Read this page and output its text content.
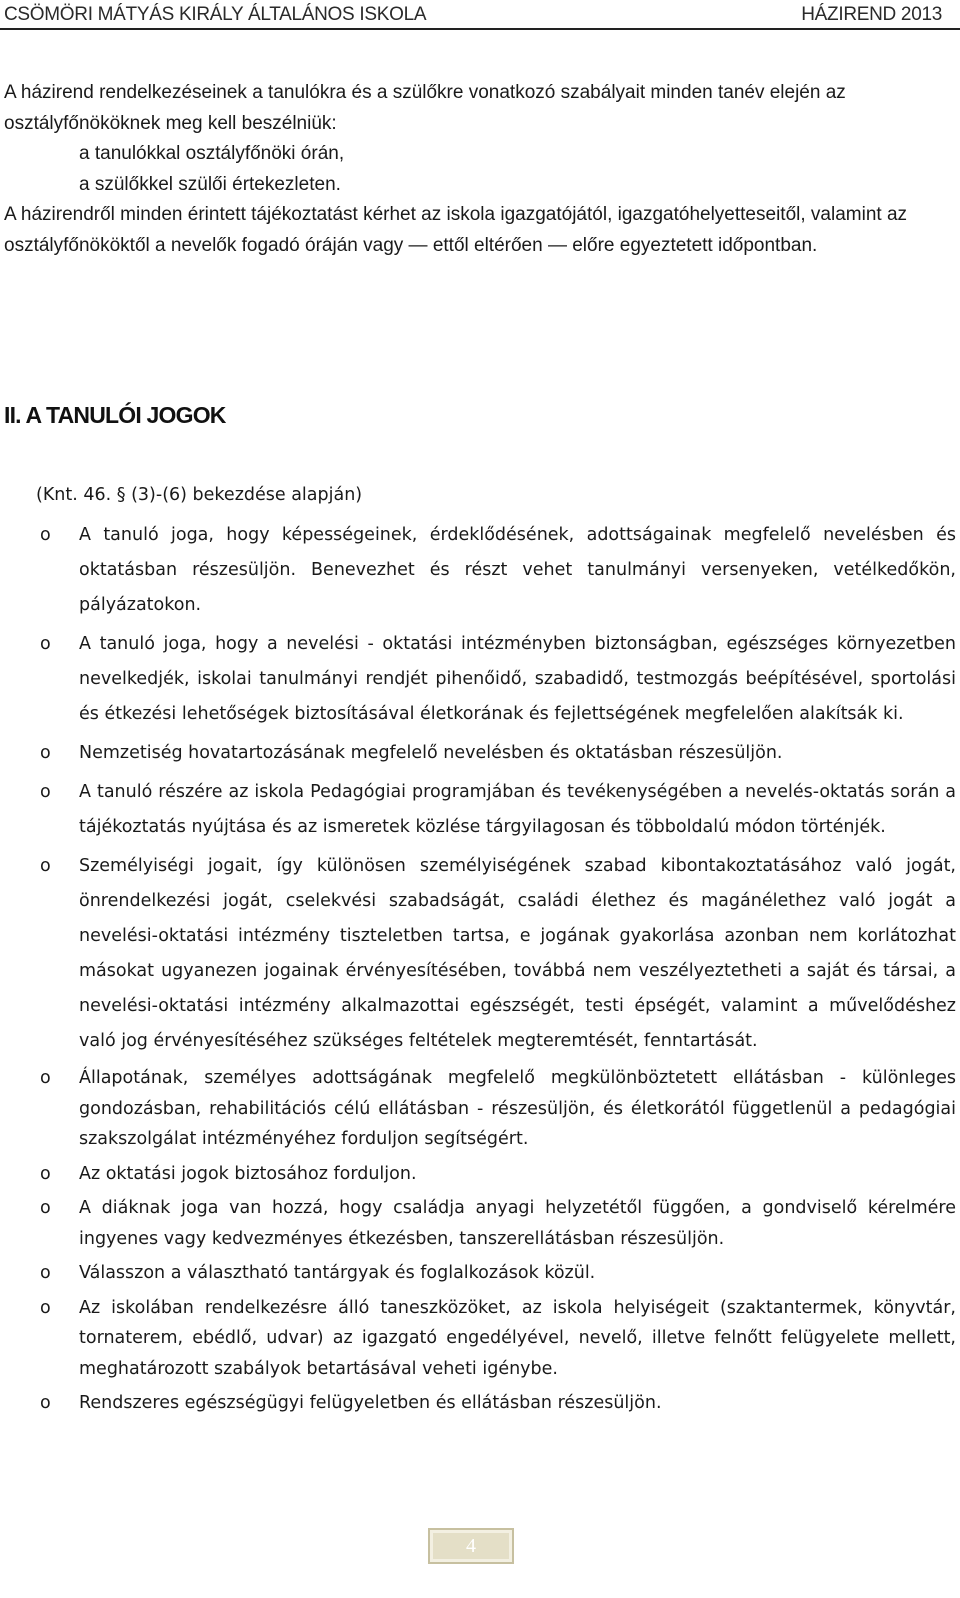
CSÖMÖRI MÁTYÁS KIRÁLY ÁLTALÁNOS ISKOLA	HÁZIREND 2013

A házirend rendelkezéseinek a tanulókra és a szülőkre vonatkozó szabályait minden tanév elején az osztályfőnököknek meg kell beszélniük:

a tanulókkal osztályfőnöki órán,

a szülőkkel szülői értekezleten.

A házirendről minden érintett tájékoztatást kérhet az iskola igazgatójától, igazgatóhelyetteseitől, valamint az osztályfőnököktől a nevelők fogadó óráján vagy — ettől eltérően — előre egyeztetett időpontban.

II. A TANULÓI JOGOK

(Knt. 46. § (3)-(6) bekezdése alapján)

o A tanuló joga, hogy képességeinek, érdeklődésének, adottságainak megfelelő nevelésben és oktatásban részesüljön. Benevezhet és részt vehet tanulmányi versenyeken, vetélkedőkön, pályázatokon.
o A tanuló joga, hogy a nevelési - oktatási intézményben biztonságban, egészséges környezetben nevelkedjék, iskolai tanulmányi rendjét pihenőidő, szabadidő, testmozgás beépítésével, sportolási és étkezési lehetőségek biztosításával életkorának és fejlettségének megfelelően alakítsák ki.
o Nemzetiség hovatartozásának megfelelő nevelésben és oktatásban részesüljön.
o A tanuló részére az iskola Pedagógiai programjában és tevékenységében a nevelés-oktatás során a tájékoztatás nyújtása és az ismeretek közlése tárgyilagosan és többoldalú módon történjék.
o Személyiségi jogait, így különösen személyiségének szabad kibontakoztatásához való jogát, önrendelkezési jogát, cselekvési szabadságát, családi élethez és magánélethez való jogát a nevelési-oktatási intézmény tiszteletben tartsa, e jogának gyakorlása azonban nem korlátozhat másokat ugyanezen jogainak érvényesítésében, továbbá nem veszélyeztetheti a saját és társai, a nevelési-oktatási intézmény alkalmazottai egészségét, testi épségét, valamint a művelődéshez való jog érvényesítéséhez szükséges feltételek megteremtését, fenntartását.
o Állapotának, személyes adottságának megfelelő megkülönböztetett ellátásban - különleges gondozásban, rehabilitációs célú ellátásban - részesüljön, és életkorától függetlenül a pedagógiai szakszolgálat intézményéhez forduljon segítségért.
o Az oktatási jogok biztosához forduljon.
o A diáknak joga van hozzá, hogy családja anyagi helyzetétől függően, a gondviselő kérelmére ingyenes vagy kedvezményes étkezésben, tanszerellátásban részesüljön.
o Válasszon a választható tantárgyak és foglalkozások közül.
o Az iskolában rendelkezésre álló taneszközöket, az iskola helyiségeit (szaktantermek, könyvtár, tornaterem, ebédlő, udvar) az igazgató engedélyével, nevelő, illetve felnőtt felügyelete mellett, meghatározott szabályok betartásával veheti igénybe.
o Rendszeres egészségügyi felügyeletben és ellátásban részesüljön.
4
